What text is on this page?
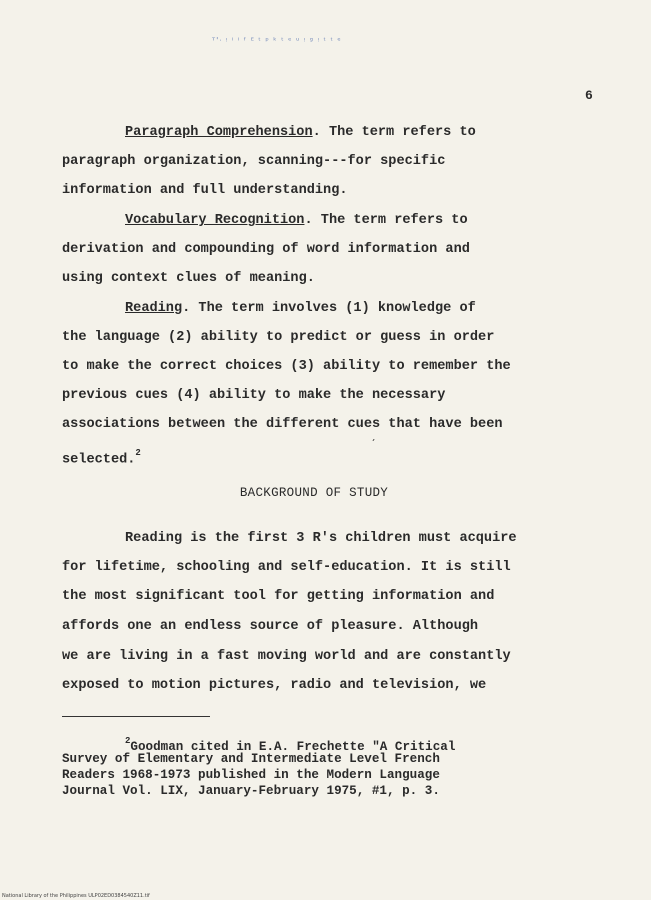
ᵀ'ᐧ ᵎ ⁱ ⁱ ᶠ ᴱ ᵗ ᵖ ᵏ ᵗ ᵉ ᵘ ᵎ ᵍ ᵎ ᵗ ᵗ ᵉ
6
Paragraph Comprehension. The term refers to
paragraph organization, scanning---for specific
information and full understanding.
Vocabulary Recognition. The term refers to
derivation and compounding of word information and
using context clues of meaning.
Reading. The term involves (1) knowledge of
the language (2) ability to predict or guess in order
to make the correct choices (3) ability to remember the
previous cues (4) ability to make the necessary
associations between the different cues that have been
selected.$^2$
ˊ
BACKGROUND OF STUDY
Reading is the first 3 R's children must acquire
for lifetime, schooling and self-education. It is still
the most significant tool for getting information and
affords one an endless source of pleasure. Although
we are living in a fast moving world and are constantly
exposed to motion pictures, radio and television, we
$^2$Goodman cited in E.A. Frechette "A Critical
Survey of Elementary and Intermediate Level French
Readers 1968-1973 published in the Modern Language
Journal Vol. LIX, January-February 1975, #1, p. 3.
National Library of the Philippines ULP02ED0384540Z11.tif
